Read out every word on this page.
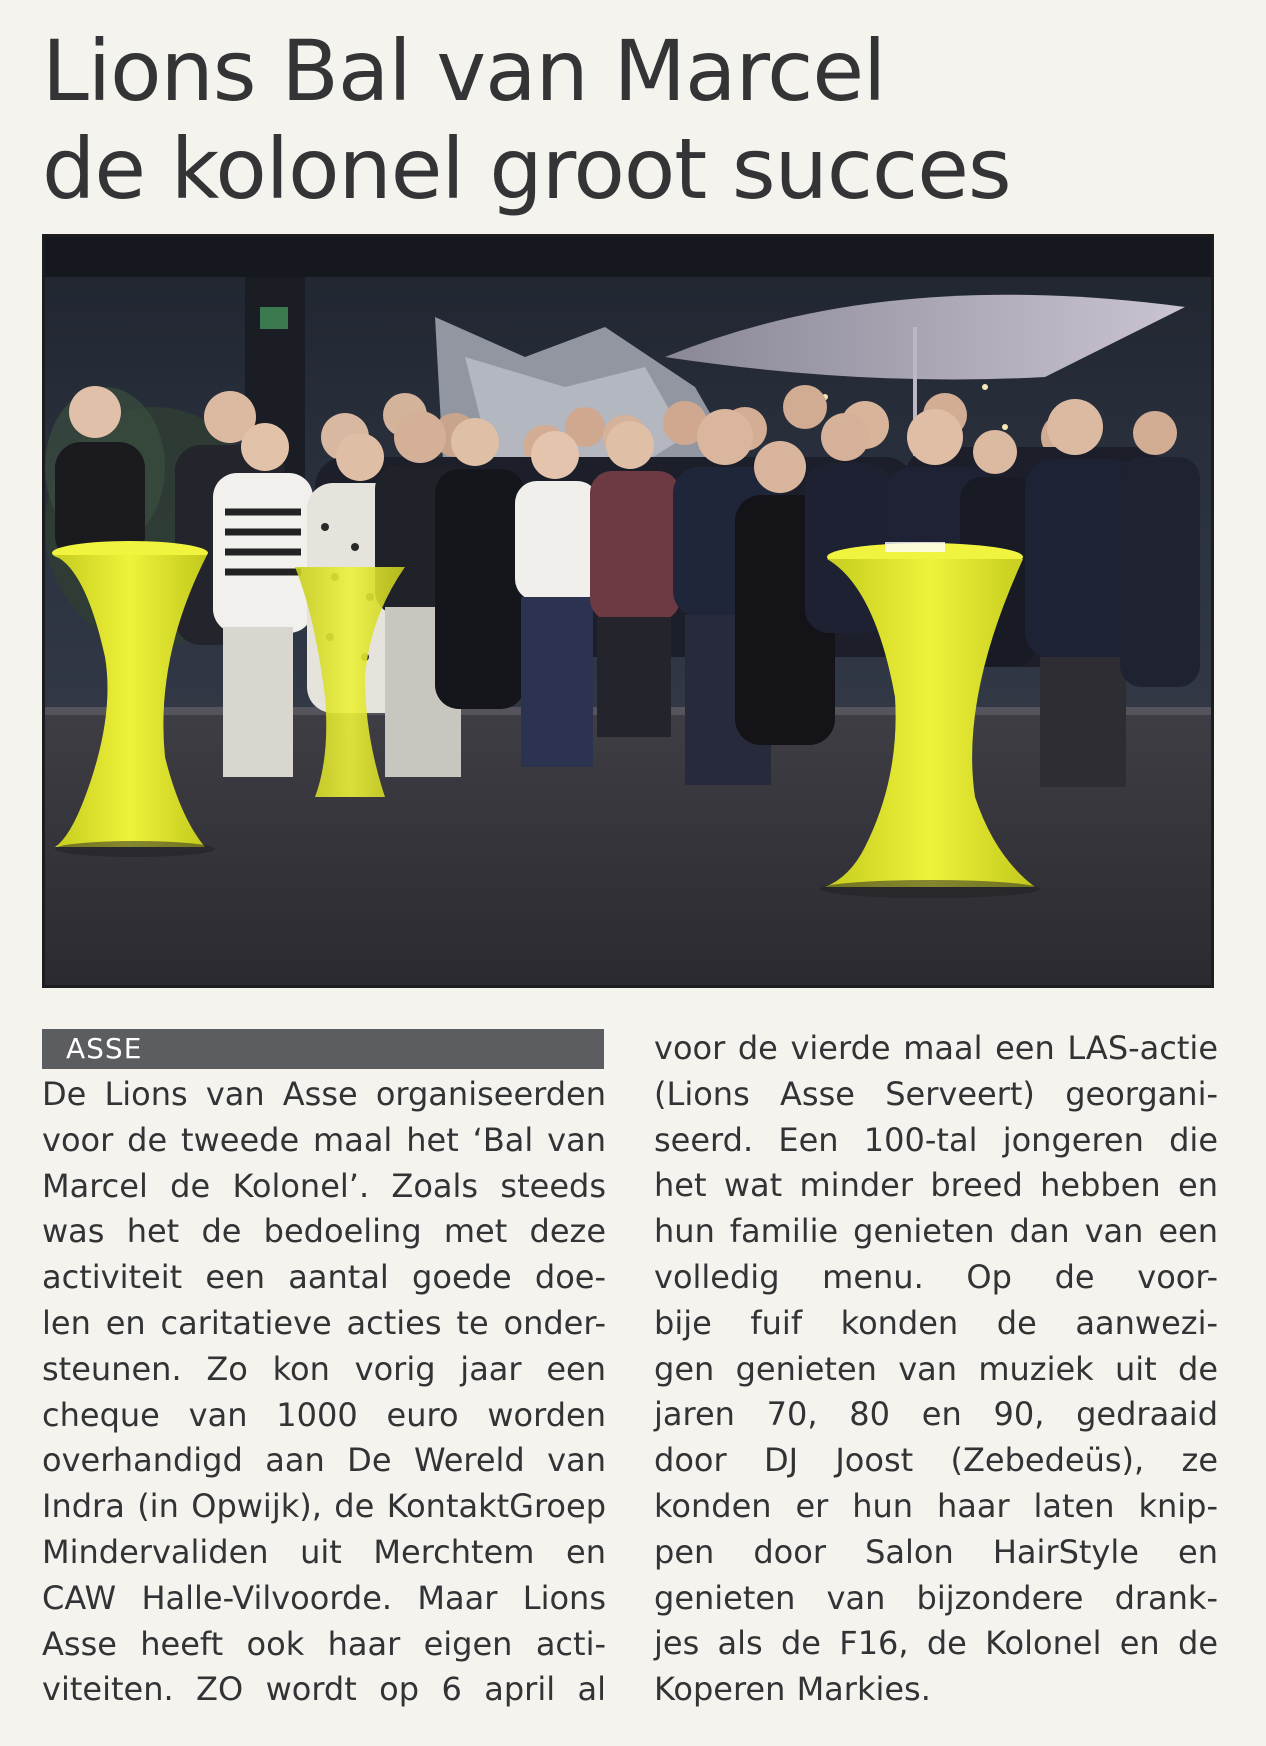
Lions Bal van Marcel
de kolonel groot succes
ASSE
De Lions van Asse organiseerden
voor de tweede maal het ‘Bal van
Marcel de Kolonel’. Zoals steeds
was het de bedoeling met deze
activiteit een aantal goede doe-
len en caritatieve acties te onder-
steunen. Zo kon vorig jaar een
cheque van 1000 euro worden
overhandigd aan De Wereld van
Indra (in Opwijk), de KontaktGroep
Mindervaliden uit Merchtem en
CAW Halle-Vilvoorde. Maar Lions
Asse heeft ook haar eigen acti-
viteiten. ZO wordt op 6 april al
voor de vierde maal een LAS-actie
(Lions Asse Serveert) georgani-
seerd. Een 100-tal jongeren die
het wat minder breed hebben en
hun familie genieten dan van een
volledig menu. Op de voor-
bije fuif konden de aanwezi-
gen genieten van muziek uit de
jaren 70, 80 en 90, gedraaid
door DJ Joost (Zebedeüs), ze
konden er hun haar laten knip-
pen door Salon HairStyle en
genieten van bijzondere drank-
jes als de F16, de Kolonel en de
Koperen Markies.
